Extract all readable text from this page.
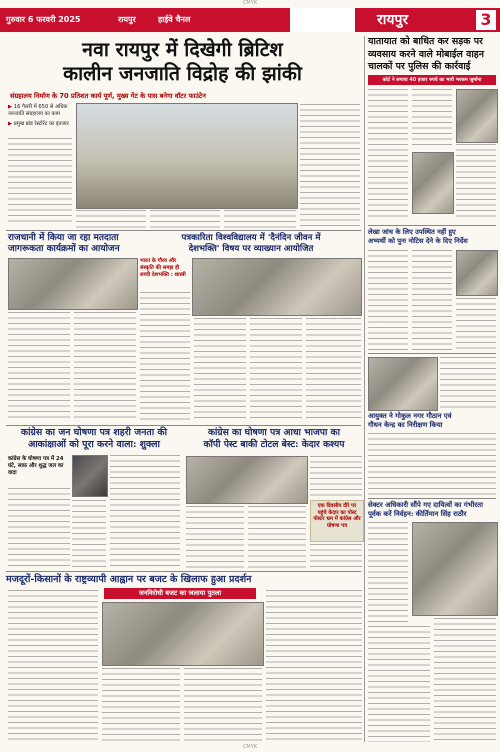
CMYK
गुरुवार 6 फरवरी 2025	रायपुर	हाईवे चैनल	रायपुर	3
नवा रायपुर में दिखेगी ब्रिटिश
कालीन जनजाति विद्रोह की झांकी
संग्रहालय निर्माण के 70 प्रतिशत कार्य पूर्ण, मुख्य गेट के पास बनेगा वॉटर फाउंटेन
▶ 16 गैलरी में 650 से अधिक जनजाति संग्रहालय का काम
▶ प्रमुख ब्रांड रेस्टोरेंट का इंतजार
राजधानी में किया जा रहा मतदाता
जागरूकता कार्यक्रमों का आयोजन
पत्रकारिता विश्वविद्यालय में 'दैनंदिन जीवन में
देशभक्ति' विषय पर व्याख्यान आयोजित
भारत के गौरव और संस्कृति की समझ ही सच्ची देशभक्ति : शास्त्री
कांग्रेस का जन घोषणा पत्र शहरी जनता की
आकांक्षाओं को पूरा करने वाला: शुक्ला
कांग्रेस के घोषणा पत्र में 24 घंटे, साफ़ और शुद्ध जल का वादा
कांग्रेस का घोषणा पत्र आधा भाजपा का
कॉपी पेस्ट बाकी टोटल बेस्ट: केदार कश्यप
एक दिवसीय दौरे पर पहुंचे केदार का पोस्ट पोस्टर भ्रम में कांग्रेस और घोषणा पत्र
मजदूरों-किसानों के राष्ट्रव्यापी आह्वान पर बजट के खिलाफ हुआ प्रदर्शन
जनविरोधी बजट का जलाया पुतला
यातायात को बाधित कर सड़क पर
व्यवसाय करने वाले मोबाईल वाहन
चालकों पर पुलिस की कार्रवाई
कोर्ट ने लगाया 40 हजार रुपये का भारी भरकम जुर्माना
लेखा जांच के लिए उपस्थित नहीं हुए
अभ्यर्थी को पुनः नोटिस देने के दिए निर्देश
आयुक्त ने गोकुल नगर गौठान एवं
गौधन केन्द्र का निरीक्षण किया
सेक्टर अधिकारी सौंपे गए दायित्वों का गंभीरता
पूर्वक करें निर्वहन: कीर्तिमान सिंह राठौर
CMYK
